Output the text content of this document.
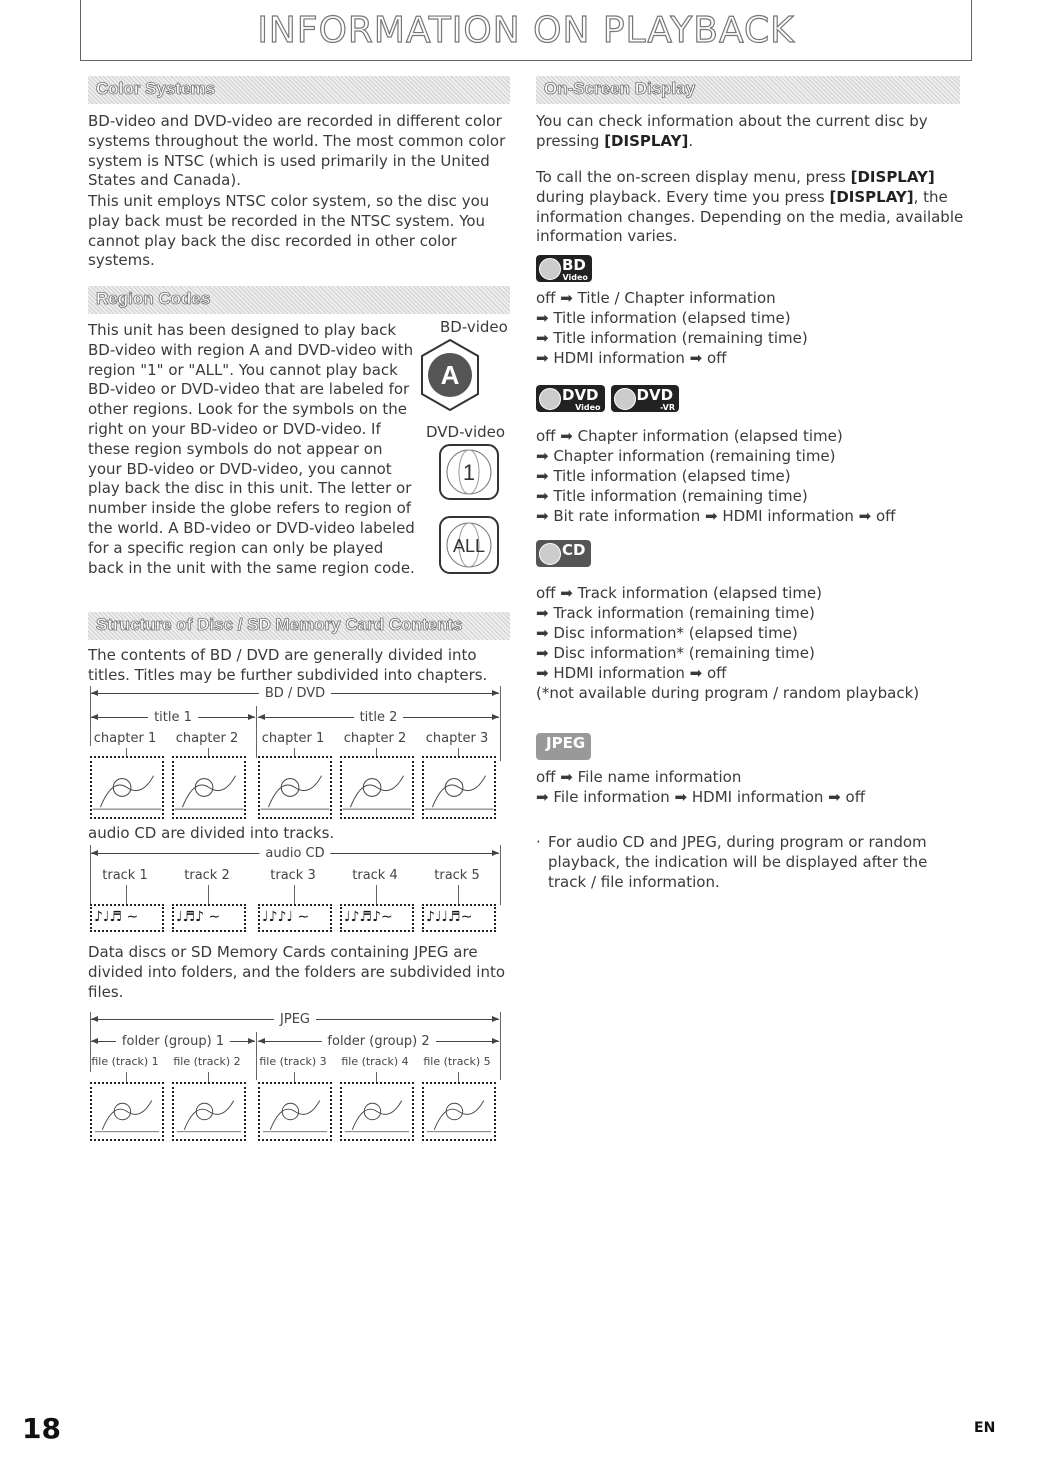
INFORMATION ON PLAYBACK
Color Systems
BD-video and DVD-video are recorded in different color systems throughout the world. The most common color system is NTSC (which is used primarily in the United States and Canada).
This unit employs NTSC color system, so the disc you play back must be recorded in the NTSC system. You cannot play back the disc recorded in other color systems.
Region Codes
This unit has been designed to play back BD-video with region A and DVD-video with region "1" or "ALL". You cannot play back BD-video or DVD-video that are labeled for other regions. Look for the symbols on the right on your BD-video or DVD-video. If these region symbols do not appear on your BD-video or DVD-video, you cannot play back the disc in this unit. The letter or number inside the globe refers to region of the world. A BD-video or DVD-video labeled for a specific region can only be played back in the unit with the same region code.
BD-video
A
DVD-video
1
ALL
Structure of Disc / SD Memory Card Contents
The contents of BD / DVD are generally divided into titles. Titles may be further subdivided into chapters.
BD / DVD
title 1	title 2
chapter 1	chapter 2	chapter 1	chapter 2	chapter 3
audio CD are divided into tracks.
audio CD
track 1
♪♩♬ ∼
track 2
♩♬♪ ∼
track 3
♩♪♪♩ ∼
track 4
♩♪♬♪∼
track 5
♪♩♩♬∼
Data discs or SD Memory Cards containing JPEG are divided into folders, and the folders are subdivided into files.
JPEG
folder (group) 1	folder (group) 2
file (track) 1	file (track) 2	file (track) 3	file (track) 4	file (track) 5
On-Screen Display
You can check information about the current disc by pressing [DISPLAY].
To call the on-screen display menu, press [DISPLAY] during playback. Every time you press [DISPLAY], the information changes. Depending on the media, available information varies.
BD
Video
off ➡ Title / Chapter information
➡ Title information (elapsed time)
➡ Title information (remaining time)
➡ HDMI information ➡ off
DVD
Video
DVD
-VR
off ➡ Chapter information (elapsed time)
➡ Chapter information (remaining time)
➡ Title information (elapsed time)
➡ Title information (remaining time)
➡ Bit rate information ➡ HDMI information ➡ off
CD
off ➡ Track information (elapsed time)
➡ Track information (remaining time)
➡ Disc information* (elapsed time)
➡ Disc information* (remaining time)
➡ HDMI information ➡ off
(*not available during program / random playback)
JPEG
off ➡ File name information
➡ File information ➡ HDMI information ➡ off
· For audio CD and JPEG, during program or random playback, the indication will be displayed after the track / file information.
18	EN
